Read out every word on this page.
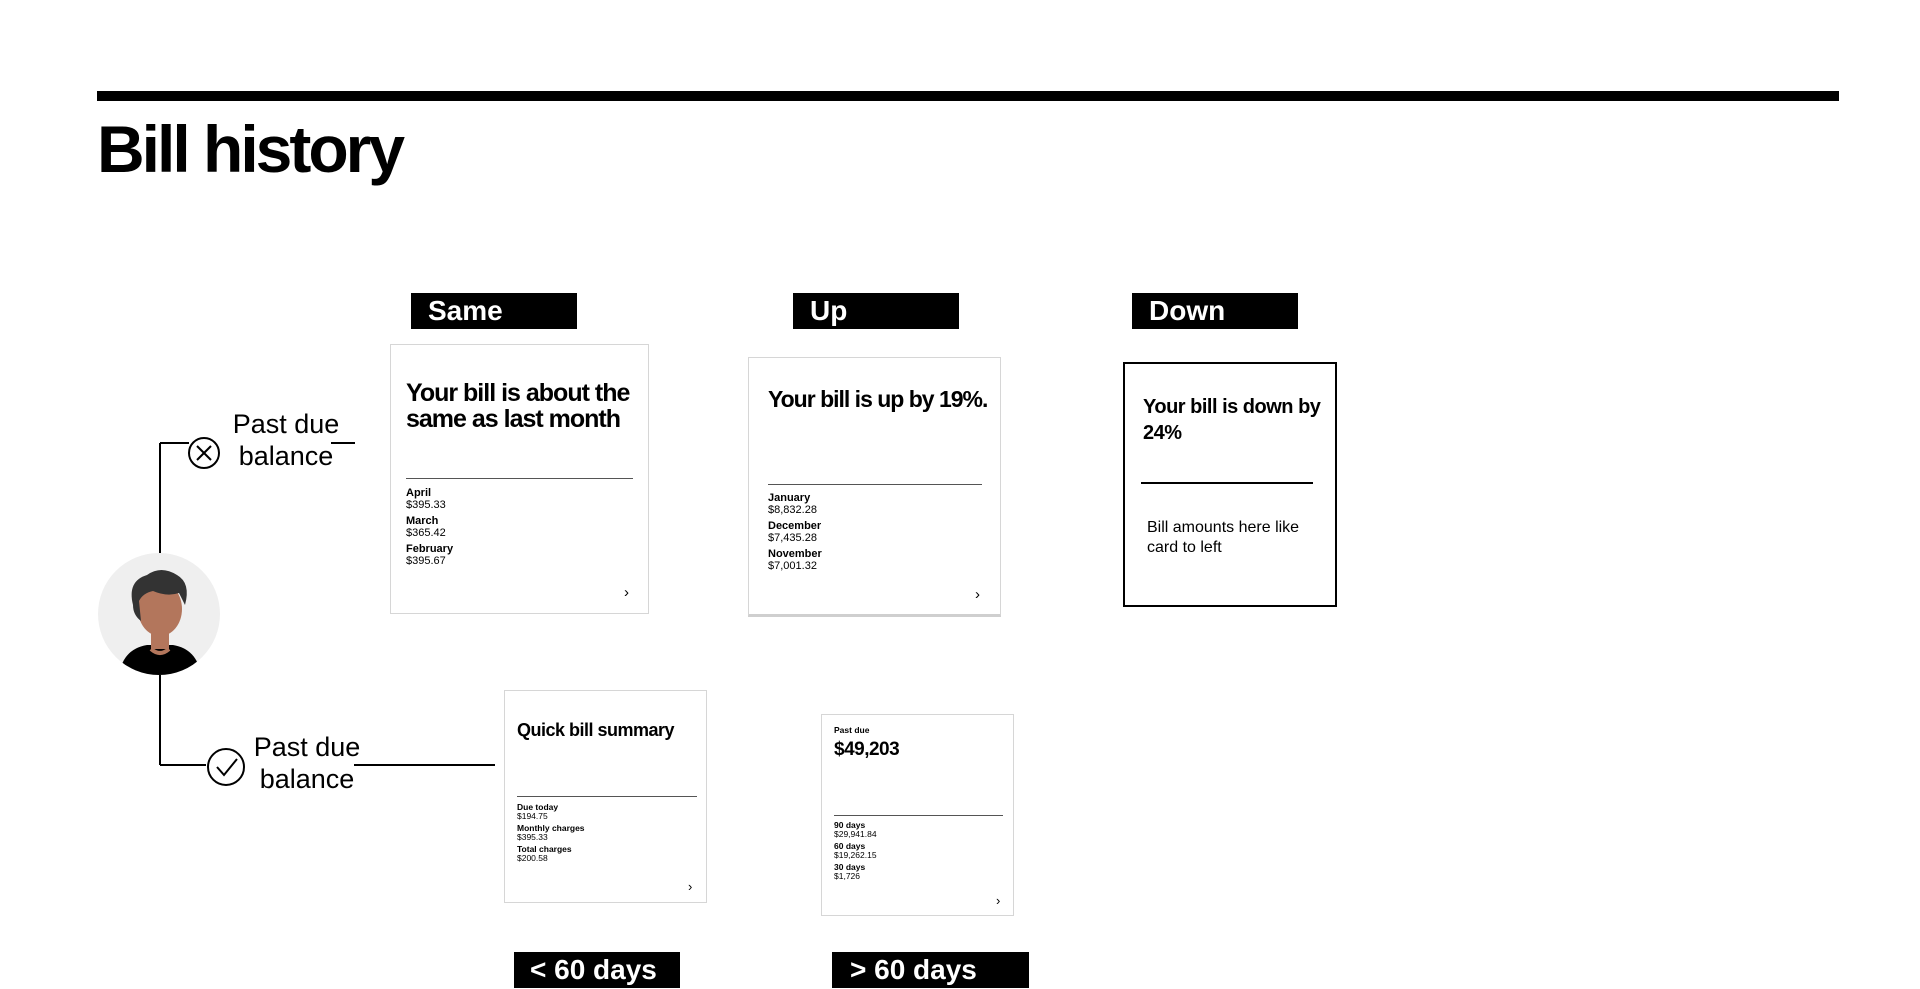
Bill history
Past due
balance
Past due
balance
Same	Up	Down
< 60 days	> 60 days
Your bill is about the same as last month
April
$395.33
March
$365.42
February
$395.67
›
Your bill is up by 19%.
January
$8,832.28
December
$7,435.28
November
$7,001.32
›
Your bill is down by 24%
Bill amounts here like card to left
Quick bill summary
Due today
$194.75
Monthly charges
$395.33
Total charges
$200.58
›
Past due
$49,203
90 days
$29,941.84
60 days
$19,262.15
30 days
$1,726
›
